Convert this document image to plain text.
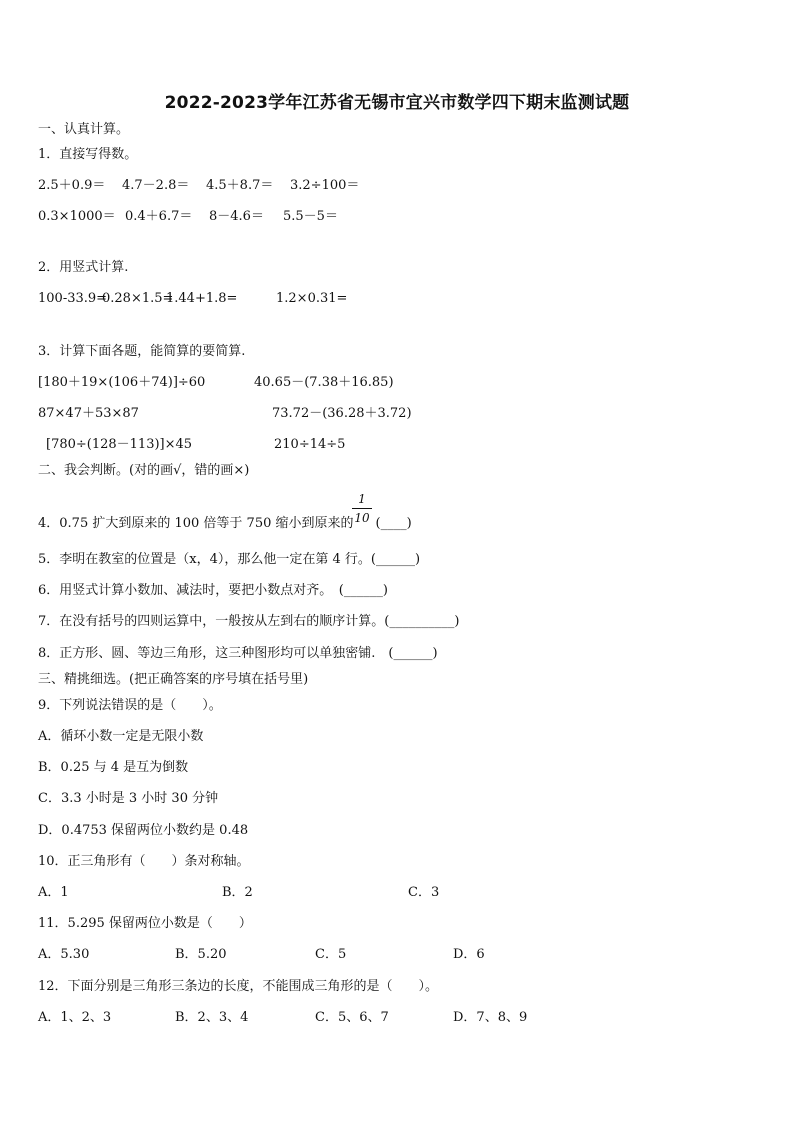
2022-2023学年江苏省无锡市宜兴市数学四下期末监测试题
一、认真计算。
1．直接写得数。
2.5＋0.9＝ 4.7－2.8＝ 4.5＋8.7＝ 3.2÷100＝
0.3×1000＝ 0.4＋6.7＝ 8－4.6＝ 5.5－5＝
2．用竖式计算.
100-33.9=0.28×1.5=1.44+1.8=	1.2×0.31=
3．计算下面各题，能简算的要简算.
[180＋19×(106＋74)]÷60	40.65－(7.38＋16.85)
87×47＋53×87	73.72－(36.28＋3.72)
[780÷(128－113)]×45	210÷14÷5
二、我会判断。(对的画√，错的画×)
4．0.75 扩大到原来的 100 倍等于 750 缩小到原来的 (____)
1
10
5．李明在教室的位置是（x，4），那么他一定在第 4 行。(______)
6．用竖式计算小数加、减法时，要把小数点对齐。　(______)
7．在没有括号的四则运算中，一般按从左到右的顺序计算。(__________)
8．正方形、圆、等边三角形，这三种图形均可以单独密铺.　(______)
三、精挑细选。(把正确答案的序号填在括号里)
9．下列说法错误的是（　　）。
A．循环小数一定是无限小数
B．0.25 与 4 是互为倒数
C．3.3 小时是 3 小时 30 分钟
D．0.4753 保留两位小数约是 0.48
10．正三角形有（　　）条对称轴。
A．1	B．2	C．3
11．5.295 保留两位小数是（　　）
A．5.30	B．5.20	C．5	D．6
12．下面分别是三角形三条边的长度，不能围成三角形的是（　　）。
A．1、2、3	B．2、3、4	C．5、6、7	D．7、8、9
